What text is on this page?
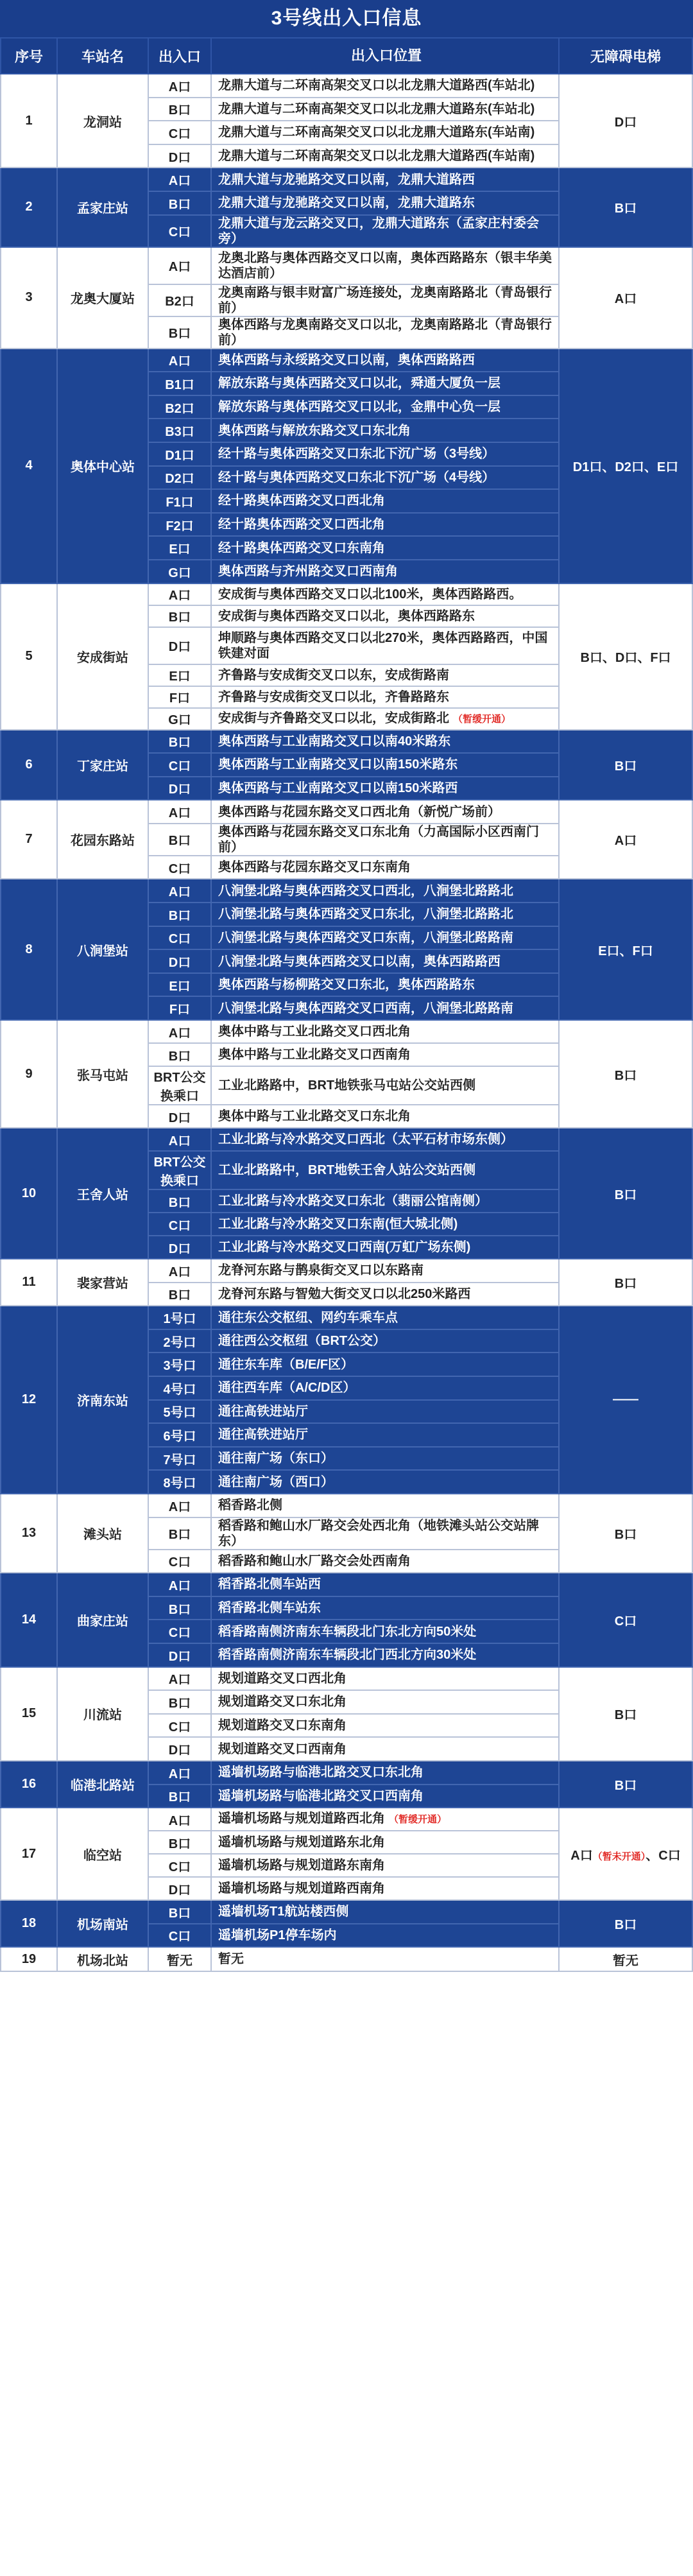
3号线出入口信息
序号	车站名	出入口	出入口位置	无障碍电梯
1	龙洞站	A口	龙鼎大道与二环南高架交叉口以北龙鼎大道路西(车站北)	D口
		B口	龙鼎大道与二环南高架交叉口以北龙鼎大道路东(车站北)	
		C口	龙鼎大道与二环南高架交叉口以北龙鼎大道路东(车站南)	
		D口	龙鼎大道与二环南高架交叉口以北龙鼎大道路西(车站南)	
2	孟家庄站	A口	龙鼎大道与龙驰路交叉口以南，龙鼎大道路西	B口
		B口	龙鼎大道与龙驰路交叉口以南，龙鼎大道路东	
		C口	龙鼎大道与龙云路交叉口，龙鼎大道路东（孟家庄村委会旁）	
3	龙奥大厦站	A口	龙奥北路与奥体西路交叉口以南，奥体西路路东（银丰华美达酒店前）	A口
		B2口	龙奥南路与银丰财富广场连接处，龙奥南路路北（青岛银行前）	
		B口	奥体西路与龙奥南路交叉口以北，龙奥南路路北（青岛银行前）	
4	奥体中心站	A口	奥体西路与永绥路交叉口以南，奥体西路路西	D1口、D2口、E口
		B1口	解放东路与奥体西路交叉口以北，舜通大厦负一层	
		B2口	解放东路与奥体西路交叉口以北，金鼎中心负一层	
		B3口	奥体西路与解放东路交叉口东北角	
		D1口	经十路与奥体西路交叉口东北下沉广场（3号线）	
		D2口	经十路与奥体西路交叉口东北下沉广场（4号线）	
		F1口	经十路奥体西路交叉口西北角	
		F2口	经十路奥体西路交叉口西北角	
		E口	经十路奥体西路交叉口东南角	
		G口	奥体西路与齐州路交叉口西南角	
5	安成街站	A口	安成街与奥体西路交叉口以北100米，奥体西路路西。	B口、D口、F口
		B口	安成街与奥体西路交叉口以北，奥体西路路东	
		D口	坤顺路与奥体西路交叉口以北270米，奥体西路路西，中国铁建对面	
		E口	齐鲁路与安成街交叉口以东，安成街路南	
		F口	齐鲁路与安成街交叉口以北，齐鲁路路东	
		G口	安成街与齐鲁路交叉口以北，安成街路北 （暂缓开通）	
6	丁家庄站	B口	奥体西路与工业南路交叉口以南40米路东	B口
		C口	奥体西路与工业南路交叉口以南150米路东	
		D口	奥体西路与工业南路交叉口以南150米路西	
7	花园东路站	A口	奥体西路与花园东路交叉口西北角（新悦广场前）	A口
		B口	奥体西路与花园东路交叉口东北角（力高国际小区西南门前）	
		C口	奥体西路与花园东路交叉口东南角	
8	八涧堡站	A口	八涧堡北路与奥体西路交叉口西北，八涧堡北路路北	E口、F口
		B口	八涧堡北路与奥体西路交叉口东北，八涧堡北路路北	
		C口	八涧堡北路与奥体西路交叉口东南，八涧堡北路路南	
		D口	八涧堡北路与奥体西路交叉口以南，奥体西路路西	
		E口	奥体西路与杨柳路交叉口东北，奥体西路路东	
		F口	八涧堡北路与奥体西路交叉口西南，八涧堡北路路南	
9	张马屯站	A口	奥体中路与工业北路交叉口西北角	B口
		B口	奥体中路与工业北路交叉口西南角	
		BRT公交换乘口	工业北路路中，BRT地铁张马屯站公交站西侧	
		D口	奥体中路与工业北路交叉口东北角	
10	王舍人站	A口	工业北路与冷水路交叉口西北（太平石材市场东侧）	B口
		BRT公交换乘口	工业北路路中，BRT地铁王舍人站公交站西侧	
		B口	工业北路与冷水路交叉口东北（翡丽公馆南侧）	
		C口	工业北路与冷水路交叉口东南(恒大城北侧)	
		D口	工业北路与冷水路交叉口西南(万虹广场东侧)	
11	裴家营站	A口	龙脊河东路与鹊泉街交叉口以东路南	B口
		B口	龙脊河东路与智勉大街交叉口以北250米路西	
12	济南东站	1号口	通往东公交枢纽、网约车乘车点	——
		2号口	通往西公交枢纽（BRT公交）	
		3号口	通往东车库（B/E/F区）	
		4号口	通往西车库（A/C/D区）	
		5号口	通往高铁进站厅	
		6号口	通往高铁进站厅	
		7号口	通往南广场（东口）	
		8号口	通往南广场（西口）	
13	滩头站	A口	稻香路北侧	B口
		B口	稻香路和鲍山水厂路交会处西北角（地铁滩头站公交站牌东）	
		C口	稻香路和鲍山水厂路交会处西南角	
14	曲家庄站	A口	稻香路北侧车站西	C口
		B口	稻香路北侧车站东	
		C口	稻香路南侧济南东车辆段北门东北方向50米处	
		D口	稻香路南侧济南东车辆段北门西北方向30米处	
15	川流站	A口	规划道路交叉口西北角	B口
		B口	规划道路交叉口东北角	
		C口	规划道路交叉口东南角	
		D口	规划道路交叉口西南角	
16	临港北路站	A口	遥墙机场路与临港北路交叉口东北角	B口
		B口	遥墙机场路与临港北路交叉口西南角	
17	临空站	A口	遥墙机场路与规划道路西北角 （暂缓开通）	A口（暂未开通）、C口
		B口	遥墙机场路与规划道路东北角	
		C口	遥墙机场路与规划道路东南角	
		D口	遥墙机场路与规划道路西南角	
18	机场南站	B口	遥墙机场T1航站楼西侧	B口
		C口	遥墙机场P1停车场内	
19	机场北站	暂无	暂无	暂无
